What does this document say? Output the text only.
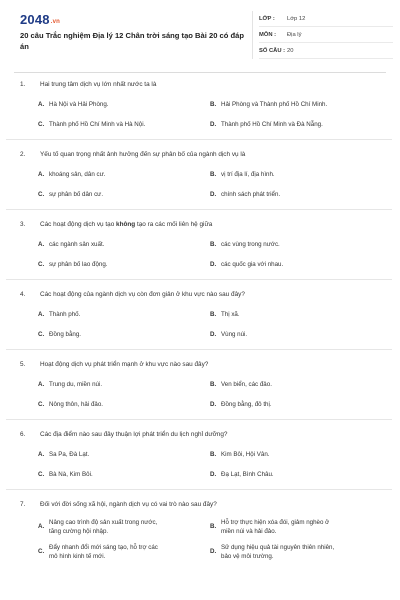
2048.vn
20 câu Trắc nghiệm Địa lý 12 Chân trời sáng tạo Bài 20 có đáp án
LỚP : Lớp 12
MÔN : Địa lý
SỐ CÂU : 20
1. Hai trung tâm dịch vụ lớn nhất nước ta là
A. Hà Nội và Hải Phòng.	B. Hải Phòng và Thành phố Hồ Chí Minh.
C. Thành phố Hồ Chí Minh và Hà Nội.	D. Thành phố Hồ Chí Minh và Đà Nẵng.
2. Yếu tố quan trọng nhất ảnh hưởng đến sự phân bố của ngành dịch vụ là
A. khoáng sản, dân cư.	B. vị trí địa lí, địa hình.
C. sự phân bố dân cư.	D. chính sách phát triển.
3. Các hoạt động dịch vụ tạo không tạo ra các mối liên hệ giữa
A. các ngành sản xuất.	B. các vùng trong nước.
C. sự phân bố lao động.	D. các quốc gia với nhau.
4. Các hoạt động của ngành dịch vụ còn đơn giản ở khu vực nào sau đây?
A. Thành phố.	B. Thị xã.
C. Đồng bằng.	D. Vùng núi.
5. Hoạt động dịch vụ phát triển mạnh ở khu vực nào sau đây?
A. Trung du, miền núi.	B. Ven biển, các đảo.
C. Nông thôn, hải đảo.	D. Đồng bằng, đô thị.
6. Các địa điểm nào sau đây thuận lợi phát triển du lịch nghỉ dưỡng?
A. Sa Pa, Đà Lạt.	B. Kim Bôi, Hội Vân.
C. Bà Nà, Kim Bôi.	D. Đạ Lạt, Bình Châu.
7. Đối với đời sống xã hội, ngành dịch vụ có vai trò nào sau đây?
A.
Nâng cao trình độ sản xuất trong nước,
tăng cường hội nhập.
B.
Hỗ trợ thực hiện xóa đói, giảm nghèo ở
miền núi và hải đảo.
C.
Đẩy nhanh đổi mới sáng tạo, hỗ trợ các
mô hình kinh tế mới.
D.
Sử dụng hiệu quả tài nguyên thiên nhiên,
bảo vệ môi trường.
